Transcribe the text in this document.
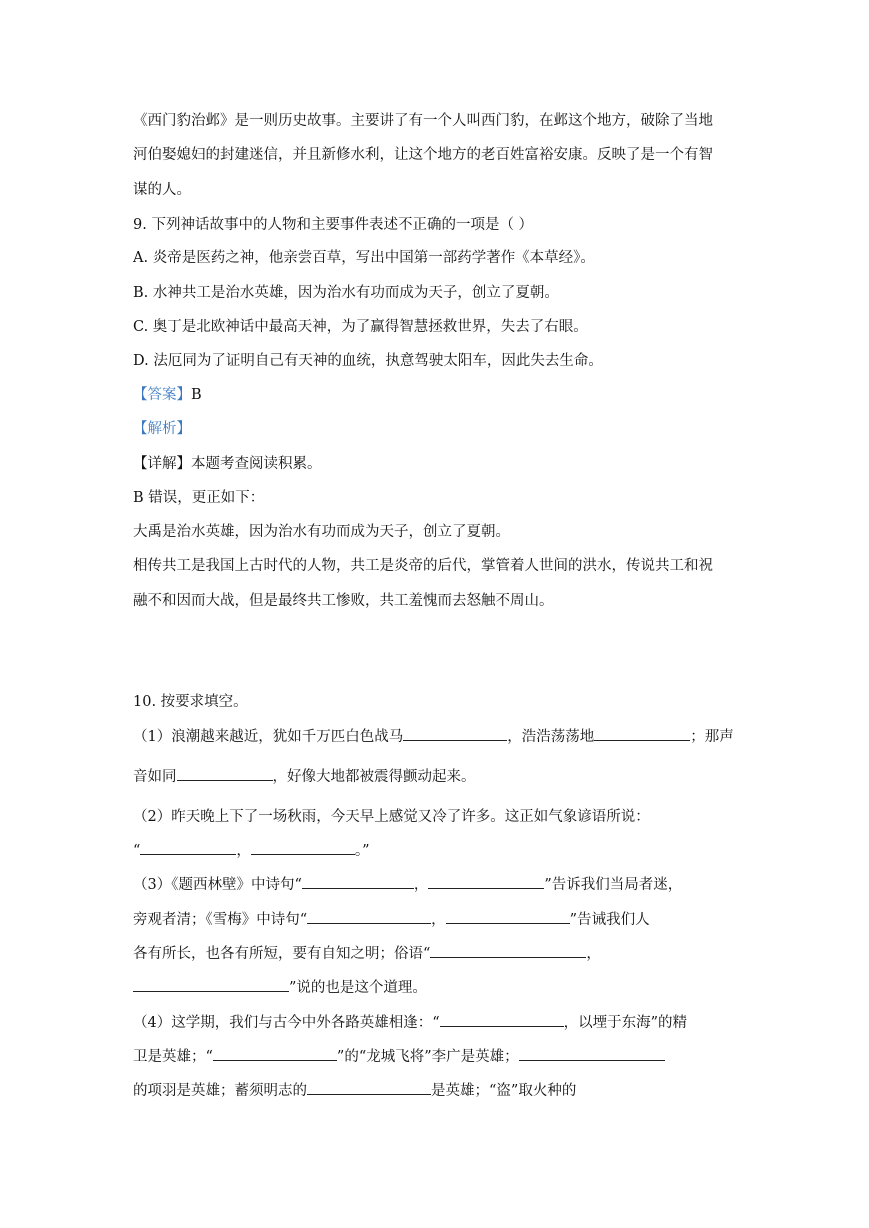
《西门豹治邺》是一则历史故事。主要讲了有一个人叫西门豹，在邺这个地方，破除了当地
河伯娶媳妇的封建迷信，并且新修水利，让这个地方的老百姓富裕安康。反映了是一个有智
谋的人。
9. 下列神话故事中的人物和主要事件表述不正确的一项是（ ）
A. 炎帝是医药之神，他亲尝百草，写出中国第一部药学著作《本草经》。
B. 水神共工是治水英雄，因为治水有功而成为天子，创立了夏朝。
C. 奥丁是北欧神话中最高天神，为了赢得智慧拯救世界，失去了右眼。
D. 法厄同为了证明自己有天神的血统，执意驾驶太阳车，因此失去生命。
【答案】B
【解析】
【详解】本题考查阅读积累。
B 错误，更正如下：
大禹是治水英雄，因为治水有功而成为天子，创立了夏朝。
相传共工是我国上古时代的人物，共工是炎帝的后代，掌管着人世间的洪水，传说共工和祝
融不和因而大战，但是最终共工惨败，共工羞愧而去怒触不周山。
10. 按要求填空。
（1）浪潮越来越近，犹如千万匹白色战马	，浩浩荡荡地	；那声
音如同	，好像大地都被震得颤动起来。
（2）昨天晚上下了一场秋雨，今天早上感觉又冷了许多。这正如气象谚语所说：
“	，	。”
（3）《题西林壁》中诗句“	，	”告诉我们当局者迷，
旁观者清；《雪梅》中诗句“	，	”告诫我们人
各有所长，也各有所短，要有自知之明；俗语“	，
”说的也是这个道理。
（4）这学期，我们与古今中外各路英雄相逢：“	，以堙于东海”的精
卫是英雄；“	”的“龙城飞将”李广是英雄；
的项羽是英雄；蓄须明志的	是英雄；“盗”取火种的
